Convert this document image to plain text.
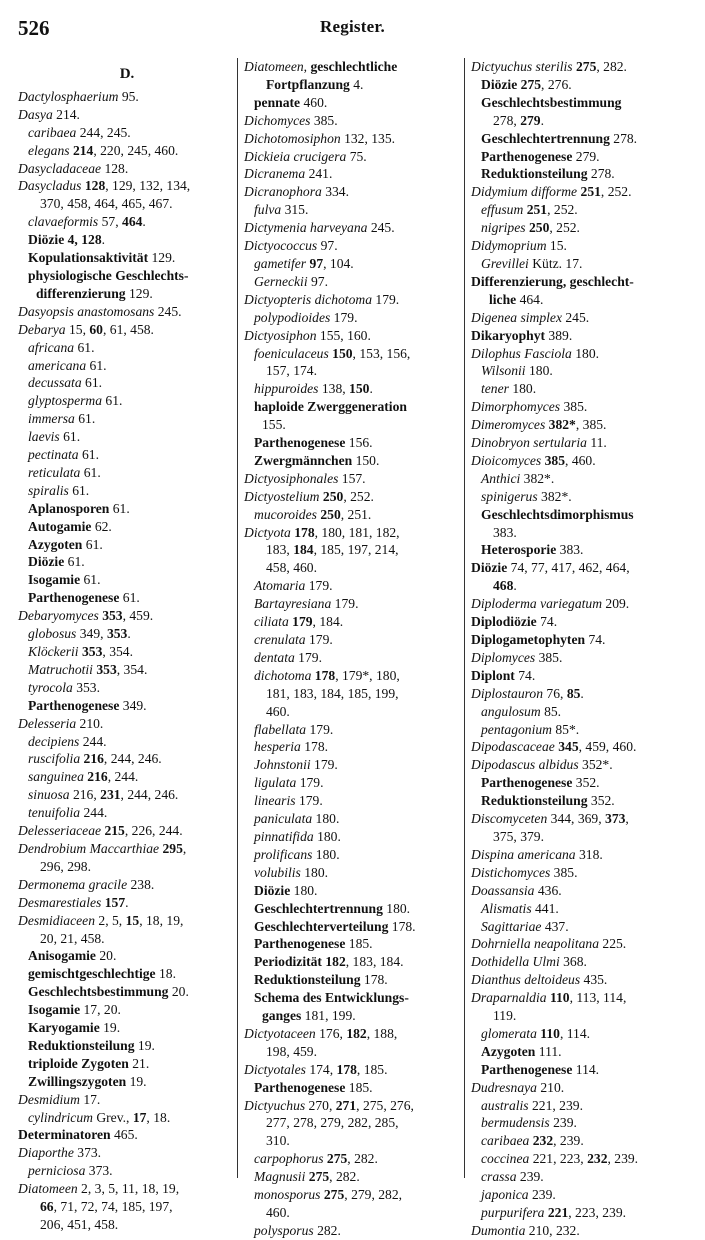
526	Register.
D.
Dactylosphaerium 95.
Dasya 214.
caribaea 244, 245.
elegans 214, 220, 245, 460.
Dasycladaceae 128.
Dasycladus 128, 129, 132, 134,
370, 458, 464, 465, 467.
clavaeformis 57, 464.
Diözie 4, 128.
Kopulationsaktivität 129.
physiologische Geschlechts-
differenzierung 129.
Dasyopsis anastomosans 245.
Debarya 15, 60, 61, 458.
africana 61.
americana 61.
decussata 61.
glyptosperma 61.
immersa 61.
laevis 61.
pectinata 61.
reticulata 61.
spiralis 61.
Aplanosporen 61.
Autogamie 62.
Azygoten 61.
Diözie 61.
Isogamie 61.
Parthenogenese 61.
Debaryomyces 353, 459.
globosus 349, 353.
Klöckerii 353, 354.
Matruchotii 353, 354.
tyrocola 353.
Parthenogenese 349.
Delesseria 210.
decipiens 244.
ruscifolia 216, 244, 246.
sanguinea 216, 244.
sinuosa 216, 231, 244, 246.
tenuifolia 244.
Delesseriaceae 215, 226, 244.
Dendrobium Maccarthiae 295,
296, 298.
Dermonema gracile 238.
Desmarestiales 157.
Desmidiaceen 2, 5, 15, 18, 19,
20, 21, 458.
Anisogamie 20.
gemischtgeschlechtige 18.
Geschlechtsbestimmung 20.
Isogamie 17, 20.
Karyogamie 19.
Reduktionsteilung 19.
triploide Zygoten 21.
Zwillingszygoten 19.
Desmidium 17.
cylindricum Grev., 17, 18.
Determinatoren 465.
Diaporthe 373.
perniciosa 373.
Diatomeen 2, 3, 5, 11, 18, 19,
66, 71, 72, 74, 185, 197,
206, 451, 458.
Diatomeen, geschlechtliche
Fortpflanzung 4.
pennate 460.
Dichomyces 385.
Dichotomosiphon 132, 135.
Dickieia crucigera 75.
Dicranema 241.
Dicranophora 334.
fulva 315.
Dictymenia harveyana 245.
Dictyococcus 97.
gametifer 97, 104.
Gerneckii 97.
Dictyopteris dichotoma 179.
polypodioides 179.
Dictyosiphon 155, 160.
foeniculaceus 150, 153, 156,
157, 174.
hippuroides 138, 150.
haploide Zwerggeneration
155.
Parthenogenese 156.
Zwergmännchen 150.
Dictyosiphonales 157.
Dictyostelium 250, 252.
mucoroides 250, 251.
Dictyota 178, 180, 181, 182,
183, 184, 185, 197, 214,
458, 460.
Atomaria 179.
Bartayresiana 179.
ciliata 179, 184.
crenulata 179.
dentata 179.
dichotoma 178, 179*, 180,
181, 183, 184, 185, 199,
460.
flabellata 179.
hesperia 178.
Johnstonii 179.
ligulata 179.
linearis 179.
paniculata 180.
pinnatifida 180.
prolificans 180.
volubilis 180.
Diözie 180.
Geschlechtertrennung 180.
Geschlechterverteilung 178.
Parthenogenese 185.
Periodizität 182, 183, 184.
Reduktionsteilung 178.
Schema des Entwicklungs-
ganges 181, 199.
Dictyotaceen 176, 182, 188,
198, 459.
Dictyotales 174, 178, 185.
Parthenogenese 185.
Dictyuchus 270, 271, 275, 276,
277, 278, 279, 282, 285,
310.
carpophorus 275, 282.
Magnusii 275, 282.
monosporus 275, 279, 282,
460.
polysporus 282.
Dictyuchus sterilis 275, 282.
Diözie 275, 276.
Geschlechtsbestimmung
278, 279.
Geschlechtertrennung 278.
Parthenogenese 279.
Reduktionsteilung 278.
Didymium difforme 251, 252.
effusum 251, 252.
nigripes 250, 252.
Didymoprium 15.
Grevillei Kütz. 17.
Differenzierung, geschlecht-
liche 464.
Digenea simplex 245.
Dikaryophyt 389.
Dilophus Fasciola 180.
Wilsonii 180.
tener 180.
Dimorphomyces 385.
Dimeromyces 382*, 385.
Dinobryon sertularia 11.
Dioicomyces 385, 460.
Anthici 382*.
spinigerus 382*.
Geschlechtsdimorphismus
383.
Heterosporie 383.
Diözie 74, 77, 417, 462, 464,
468.
Diploderma variegatum 209.
Diplodiözie 74.
Diplogametophyten 74.
Diplomyces 385.
Diplont 74.
Diplostauron 76, 85.
angulosum 85.
pentagonium 85*.
Dipodascaceae 345, 459, 460.
Dipodascus albidus 352*.
Parthenogenese 352.
Reduktionsteilung 352.
Discomyceten 344, 369, 373,
375, 379.
Dispina americana 318.
Distichomyces 385.
Doassansia 436.
Alismatis 441.
Sagittariae 437.
Dohrniella neapolitana 225.
Dothidella Ulmi 368.
Dianthus deltoideus 435.
Draparnaldia 110, 113, 114,
119.
glomerata 110, 114.
Azygoten 111.
Parthenogenese 114.
Dudresnaya 210.
australis 221, 239.
bermudensis 239.
caribaea 232, 239.
coccinea 221, 223, 232, 239.
crassa 239.
japonica 239.
purpurifera 221, 223, 239.
Dumontia 210, 232.
